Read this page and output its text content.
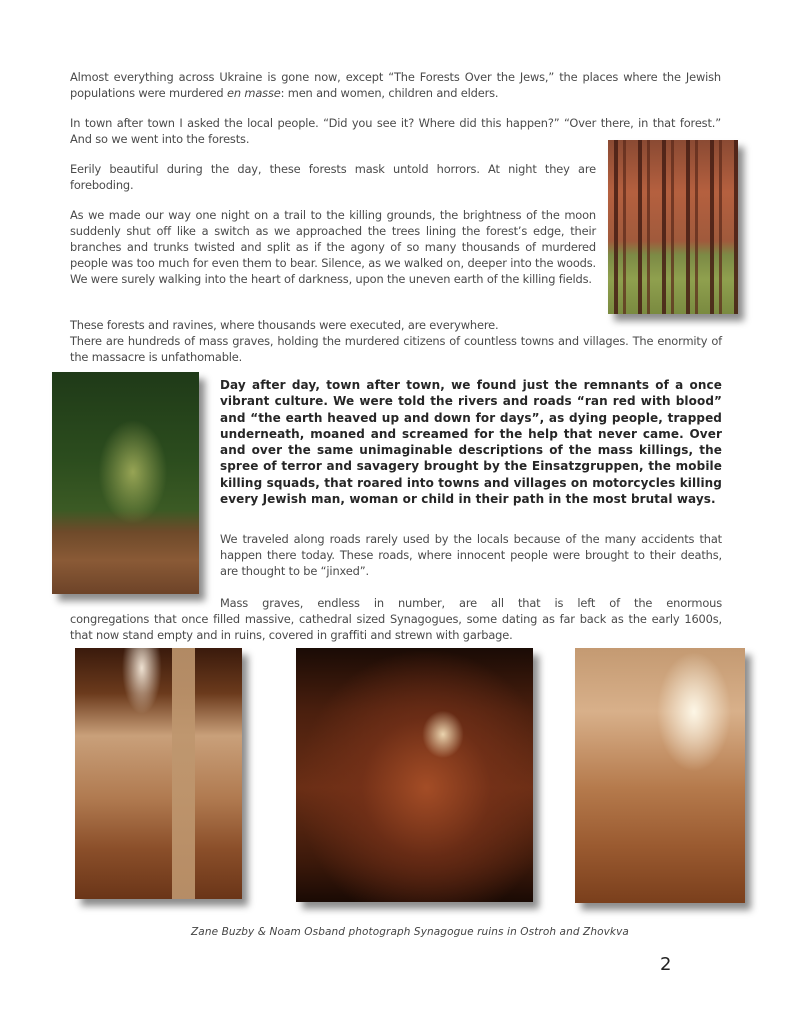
Almost everything across Ukraine is gone now, except “The Forests Over the Jews,” the places where the Jewish populations were murdered en masse: men and women, children and elders.

In town after town I asked the local people. “Did you see it? Where did this happen?” “Over there, in that forest.” And so we went into the forests.

Eerily beautiful during the day, these forests mask untold horrors. At night they are foreboding.

As we made our way one night on a trail to the killing grounds, the brightness of the moon suddenly shut off like a switch as we approached the trees lining the forest’s edge, their branches and trunks twisted and split as if the agony of so many thousands of murdered people was too much for even them to bear. Silence, as we walked on, deeper into the woods. We were surely walking into the heart of darkness, upon the uneven earth of the killing fields.

These forests and ravines, where thousands were executed, are everywhere.
There are hundreds of mass graves, holding the murdered citizens of countless towns and villages. The enormity of the massacre is unfathomable.

Day after day, town after town, we found just the remnants of a once vibrant culture. We were told the rivers and roads “ran red with blood” and “the earth heaved up and down for days”, as dying people, trapped underneath, moaned and screamed for the help that never came. Over and over the same unimaginable descriptions of the mass killings, the spree of terror and savagery brought by the Einsatzgruppen, the mobile killing squads, that roared into towns and villages on motorcycles killing every Jewish man, woman or child in their path in the most brutal ways.

We traveled along roads rarely used by the locals because of the many accidents that happen there today. These roads, where innocent people were brought to their deaths, are thought to be “jinxed”.

Mass graves, endless in number, are all that is left of the enormous
congregations that once filled massive, cathedral sized Synagogues, some dating as far back as the early 1600s, that now stand empty and in ruins, covered in graffiti and strewn with garbage.

Zane Buzby & Noam Osband photograph Synagogue ruins in Ostroh and Zhovkva
2
